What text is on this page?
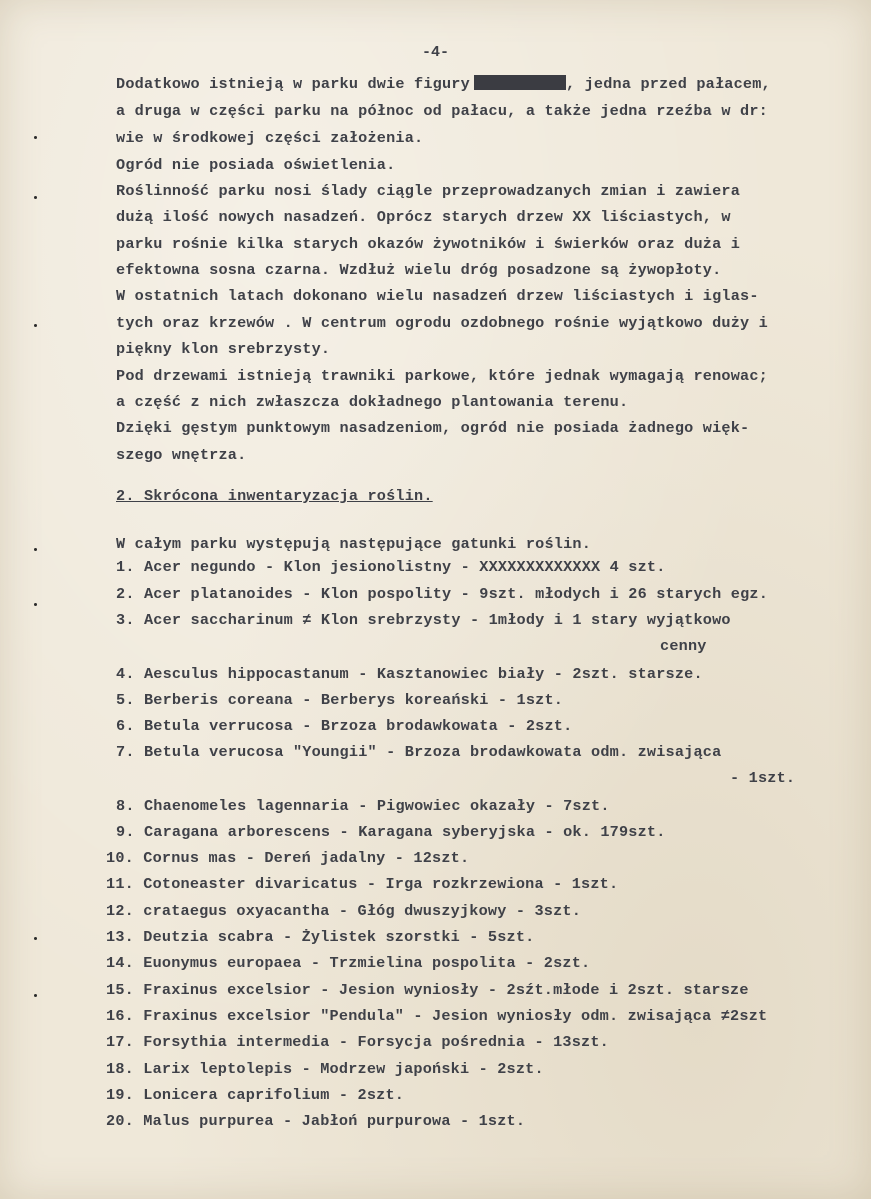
-4-
Dodatkowo istnieją w parku dwie figury	, jedna przed pałacem,
a druga w części parku na północ od pałacu, a także jedna rzeźba w dr:
wie w środkowej części założenia.
Ogród nie posiada oświetlenia.
Roślinność parku nosi ślady ciągle przeprowadzanych zmian i zawiera
dużą ilość nowych nasadzeń. Oprócz starych drzew XX liściastych, w
parku rośnie kilka starych okazów żywotników i świerków oraz duża i
efektowna sosna czarna. Wzdłuż wielu dróg posadzone są żywopłoty.
W ostatnich latach dokonano wielu nasadzeń drzew liściastych i iglas-
tych oraz krzewów . W centrum ogrodu ozdobnego rośnie wyjątkowo duży i
piękny klon srebrzysty.
Pod drzewami istnieją trawniki parkowe, które jednak wymagają renowac;
a część z nich zwłaszcza dokładnego plantowania terenu.
Dzięki gęstym punktowym nasadzeniom, ogród nie posiada żadnego więk-
szego wnętrza.
2. Skrócona inwentaryzacja roślin.
W całym parku występują następujące gatunki roślin.
1. Acer negundo - Klon jesionolistny - XXXXXXXXXXXXX 4 szt.
2. Acer platanoides - Klon pospolity - 9szt. młodych i 26 starych egz.
3. Acer saccharinum ≠ Klon srebrzysty - 1młody i 1 stary wyjątkowo
cenny
4. Aesculus hippocastanum - Kasztanowiec biały - 2szt. starsze.
5. Berberis coreana - Berberys koreański - 1szt.
6. Betula verrucosa - Brzoza brodawkowata - 2szt.
7. Betula verucosa "Youngii" - Brzoza brodawkowata odm. zwisająca
- 1szt.
8. Chaenomeles lagennaria - Pigwowiec okazały - 7szt.
9. Caragana arborescens - Karagana syberyjska - ok. 179szt.
10. Cornus mas - Dereń jadalny - 12szt.
11. Cotoneaster divaricatus - Irga rozkrzewiona - 1szt.
12. crataegus oxyacantha - Głóg dwuszyjkowy - 3szt.
13. Deutzia scabra - Żylistek szorstki - 5szt.
14. Euonymus europaea - Trzmielina pospolita - 2szt.
15. Fraxinus excelsior - Jesion wyniosły - 2sźt.młode i 2szt. starsze
16. Fraxinus excelsior "Pendula" - Jesion wyniosły odm. zwisająca ≠2szt
17. Forsythia intermedia - Forsycja pośrednia - 13szt.
18. Larix leptolepis - Modrzew japoński - 2szt.
19. Lonicera caprifolium - 2szt.
20. Malus purpurea - Jabłoń purpurowa - 1szt.
